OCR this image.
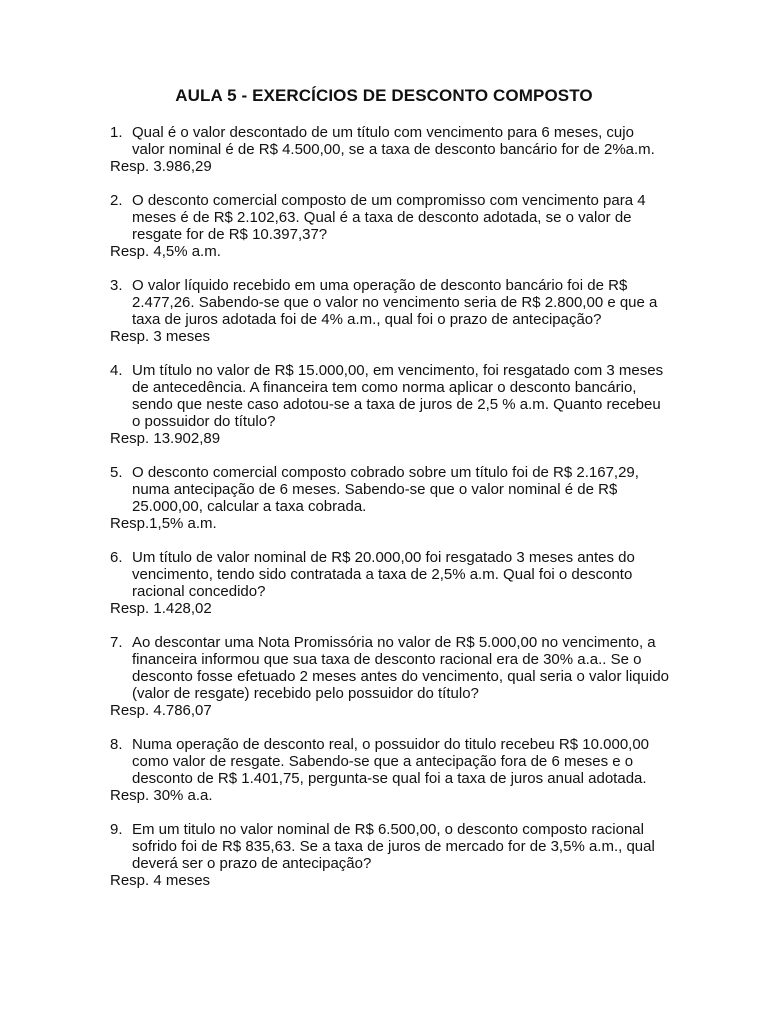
AULA 5 - EXERCÍCIOS DE DESCONTO COMPOSTO
1. Qual é o valor descontado de um título com vencimento para 6 meses, cujo valor nominal é de R$ 4.500,00, se a taxa de desconto bancário for de 2%a.m.
Resp. 3.986,29
2. O desconto comercial composto de um compromisso com vencimento para 4 meses é de R$ 2.102,63. Qual é a taxa de desconto adotada, se o valor de resgate for de R$ 10.397,37?
Resp. 4,5% a.m.
3. O valor líquido recebido em uma operação de desconto bancário foi de R$ 2.477,26. Sabendo-se que o valor no vencimento seria de R$ 2.800,00 e que a taxa de juros adotada foi de 4% a.m., qual foi o prazo de antecipação?
Resp. 3 meses
4. Um título no valor de R$ 15.000,00, em vencimento, foi resgatado com 3 meses de antecedência. A financeira tem como norma aplicar o desconto bancário, sendo que neste caso adotou-se a taxa de juros de 2,5 % a.m. Quanto recebeu o possuidor do título?
Resp. 13.902,89
5. O desconto comercial composto cobrado sobre um título foi de R$ 2.167,29, numa antecipação de 6 meses. Sabendo-se que o valor nominal é de R$ 25.000,00, calcular a taxa cobrada.
Resp.1,5% a.m.
6. Um título de valor nominal de R$ 20.000,00 foi resgatado 3 meses antes do vencimento, tendo sido contratada a taxa de 2,5% a.m. Qual foi o desconto racional concedido?
Resp. 1.428,02
7. Ao descontar uma Nota Promissória no valor de R$ 5.000,00 no vencimento, a financeira informou que sua taxa de desconto racional era de 30% a.a.. Se o desconto fosse efetuado 2 meses antes do vencimento, qual seria o valor liquido (valor de resgate) recebido pelo possuidor do título?
Resp. 4.786,07
8. Numa operação de desconto real, o possuidor do titulo recebeu R$ 10.000,00 como valor de resgate. Sabendo-se que a antecipação fora de 6 meses e o desconto de R$ 1.401,75, pergunta-se qual foi a taxa de juros anual adotada.
Resp. 30% a.a.
9. Em um titulo no valor nominal de R$ 6.500,00, o desconto composto racional sofrido foi de R$ 835,63. Se a taxa de juros de mercado for de 3,5% a.m., qual deverá ser o prazo de antecipação?
Resp. 4 meses
